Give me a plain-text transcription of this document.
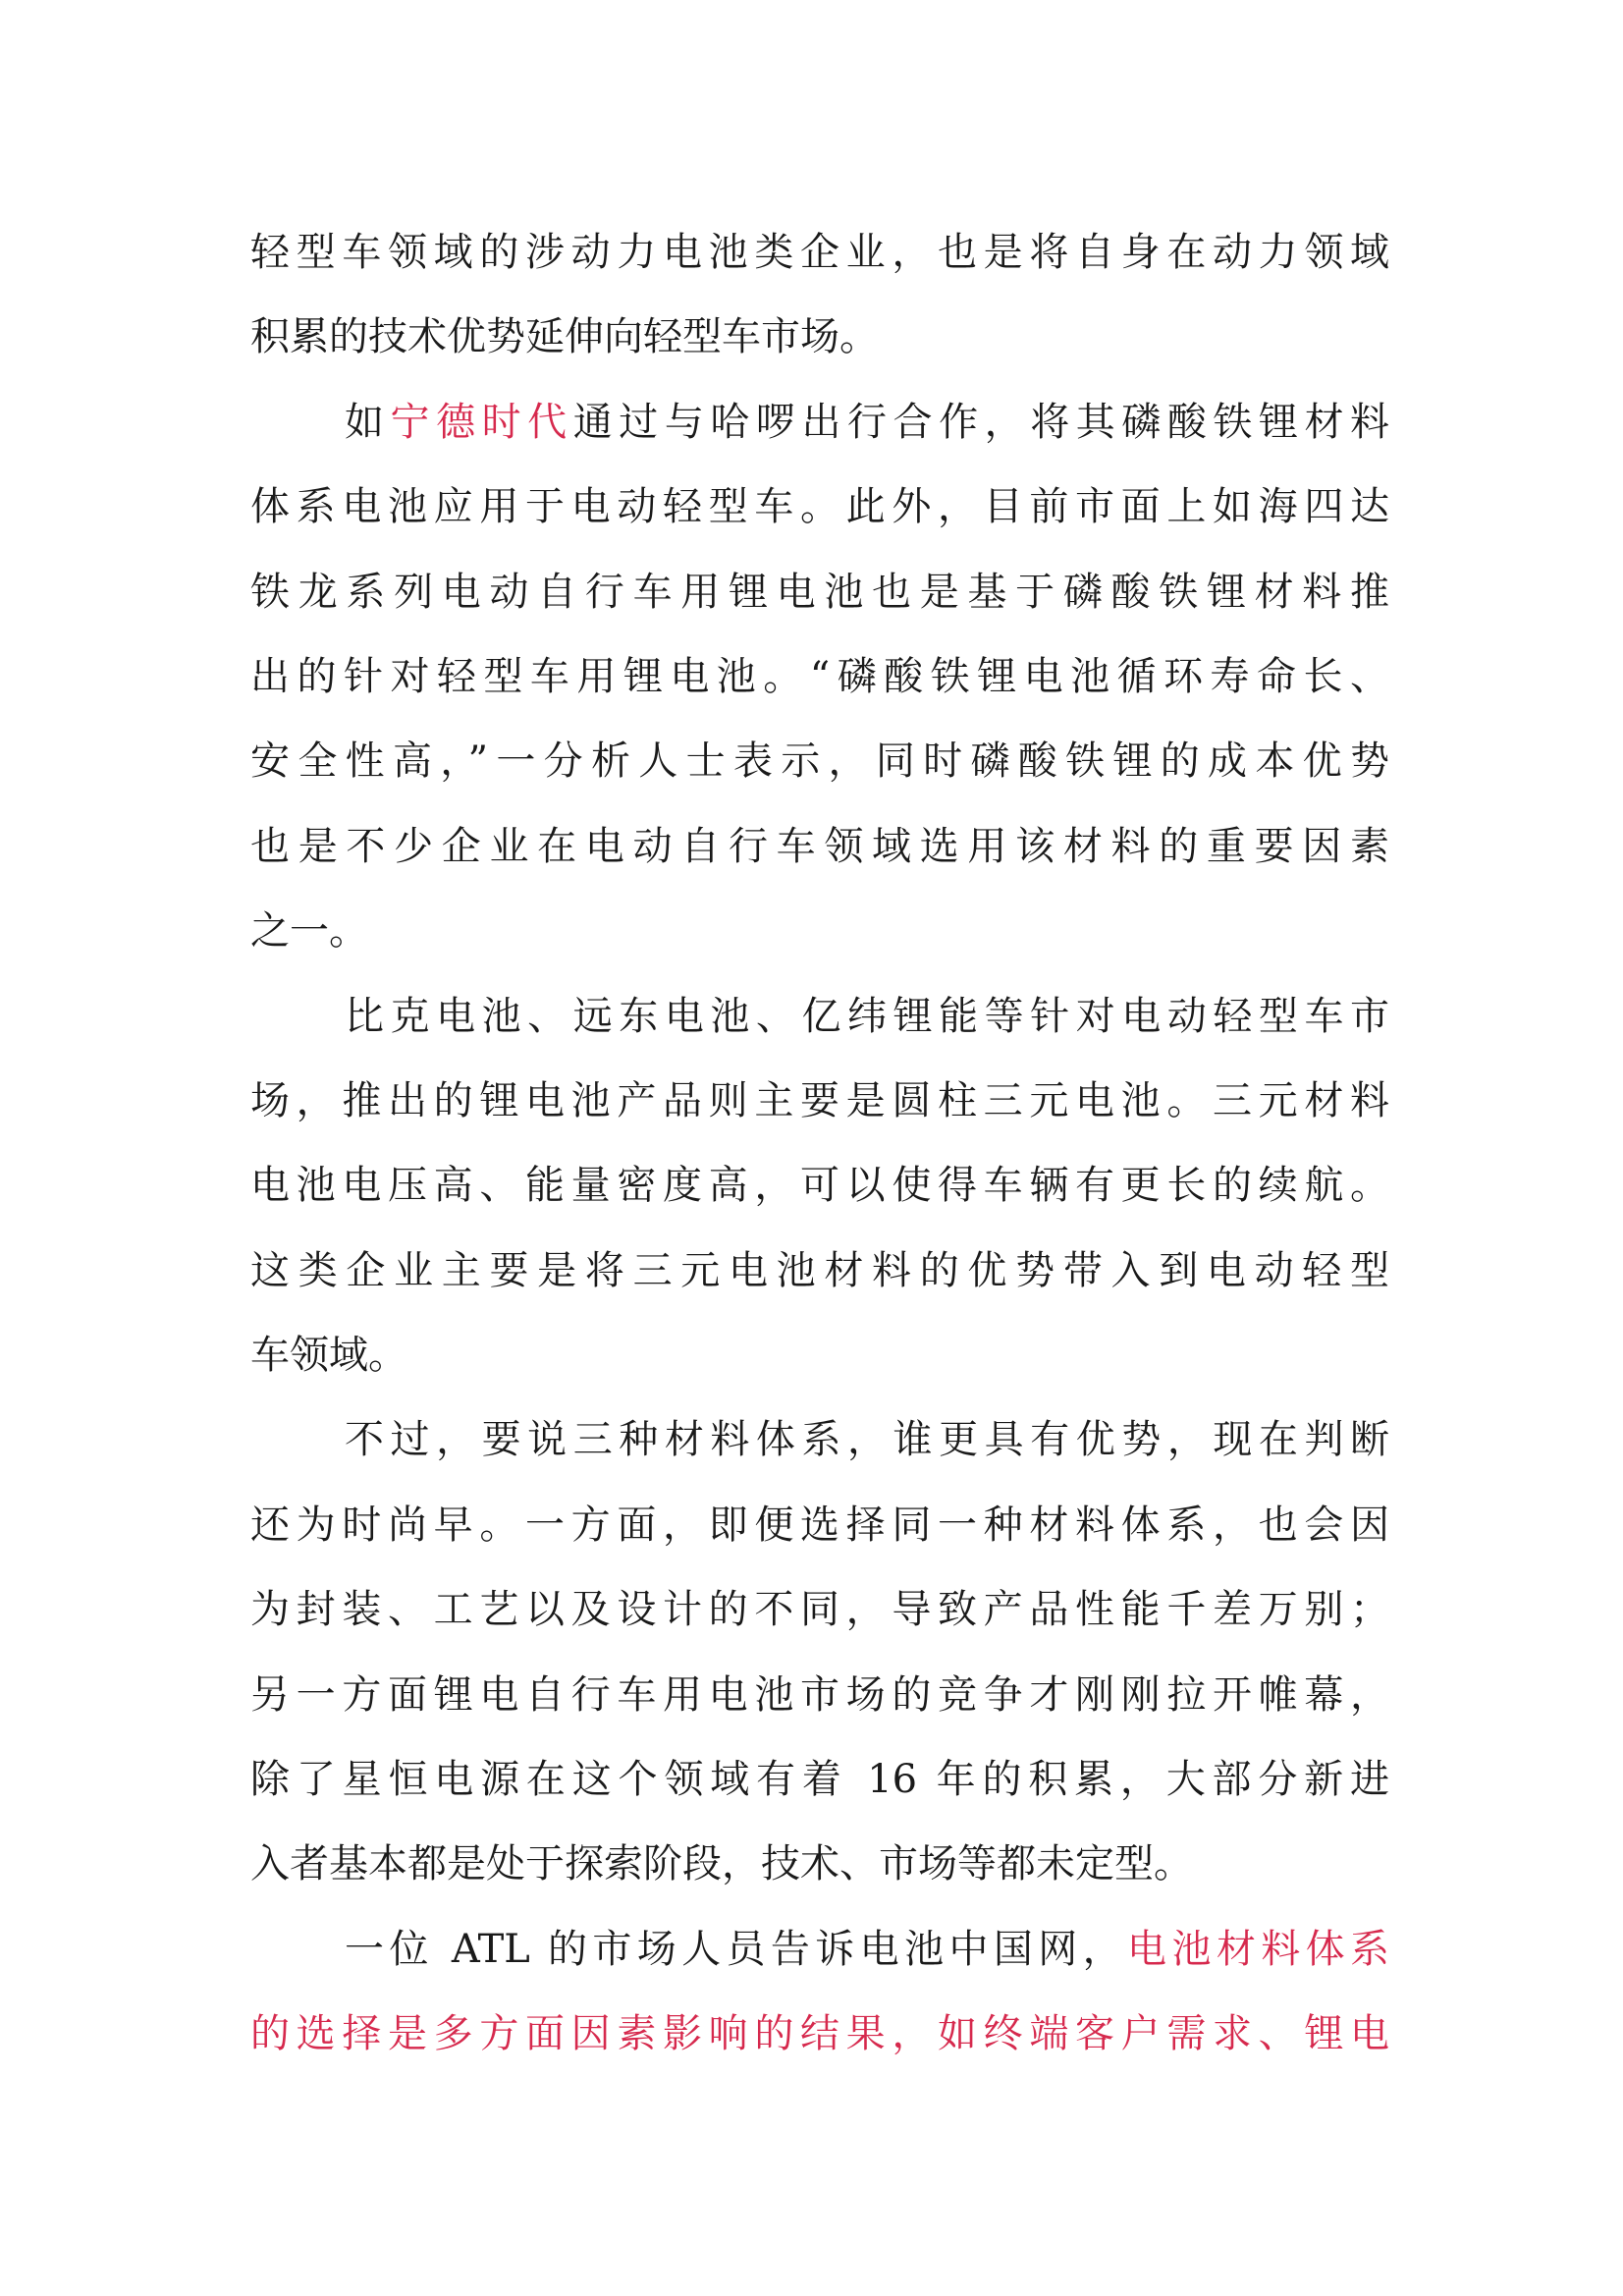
轻型车领域的涉动力电池类企业，也是将自身在动力领域
积累的技术优势延伸向轻型车市场。
如宁德时代通过与哈啰出行合作，将其磷酸铁锂材料
体系电池应用于电动轻型车。此外，目前市面上如海四达
铁龙系列电动自行车用锂电池也是基于磷酸铁锂材料推
出的针对轻型车用锂电池。“磷酸铁锂电池循环寿命长、
安全性高，”一分析人士表示，同时磷酸铁锂的成本优势
也是不少企业在电动自行车领域选用该材料的重要因素
之一。
比克电池、远东电池、亿纬锂能等针对电动轻型车市
场，推出的锂电池产品则主要是圆柱三元电池。三元材料
电池电压高、能量密度高，可以使得车辆有更长的续航。
这类企业主要是将三元电池材料的优势带入到电动轻型
车领域。
不过，要说三种材料体系，谁更具有优势，现在判断
还为时尚早。一方面，即便选择同一种材料体系，也会因
为封装、工艺以及设计的不同，导致产品性能千差万别；
另一方面锂电自行车用电池市场的竞争才刚刚拉开帷幕，
除了星恒电源在这个领域有着 16 年的积累，大部分新进
入者基本都是处于探索阶段，技术、市场等都未定型。
一位 ATL 的市场人员告诉电池中国网，电池材料体系
的选择是多方面因素影响的结果，如终端客户需求、锂电
